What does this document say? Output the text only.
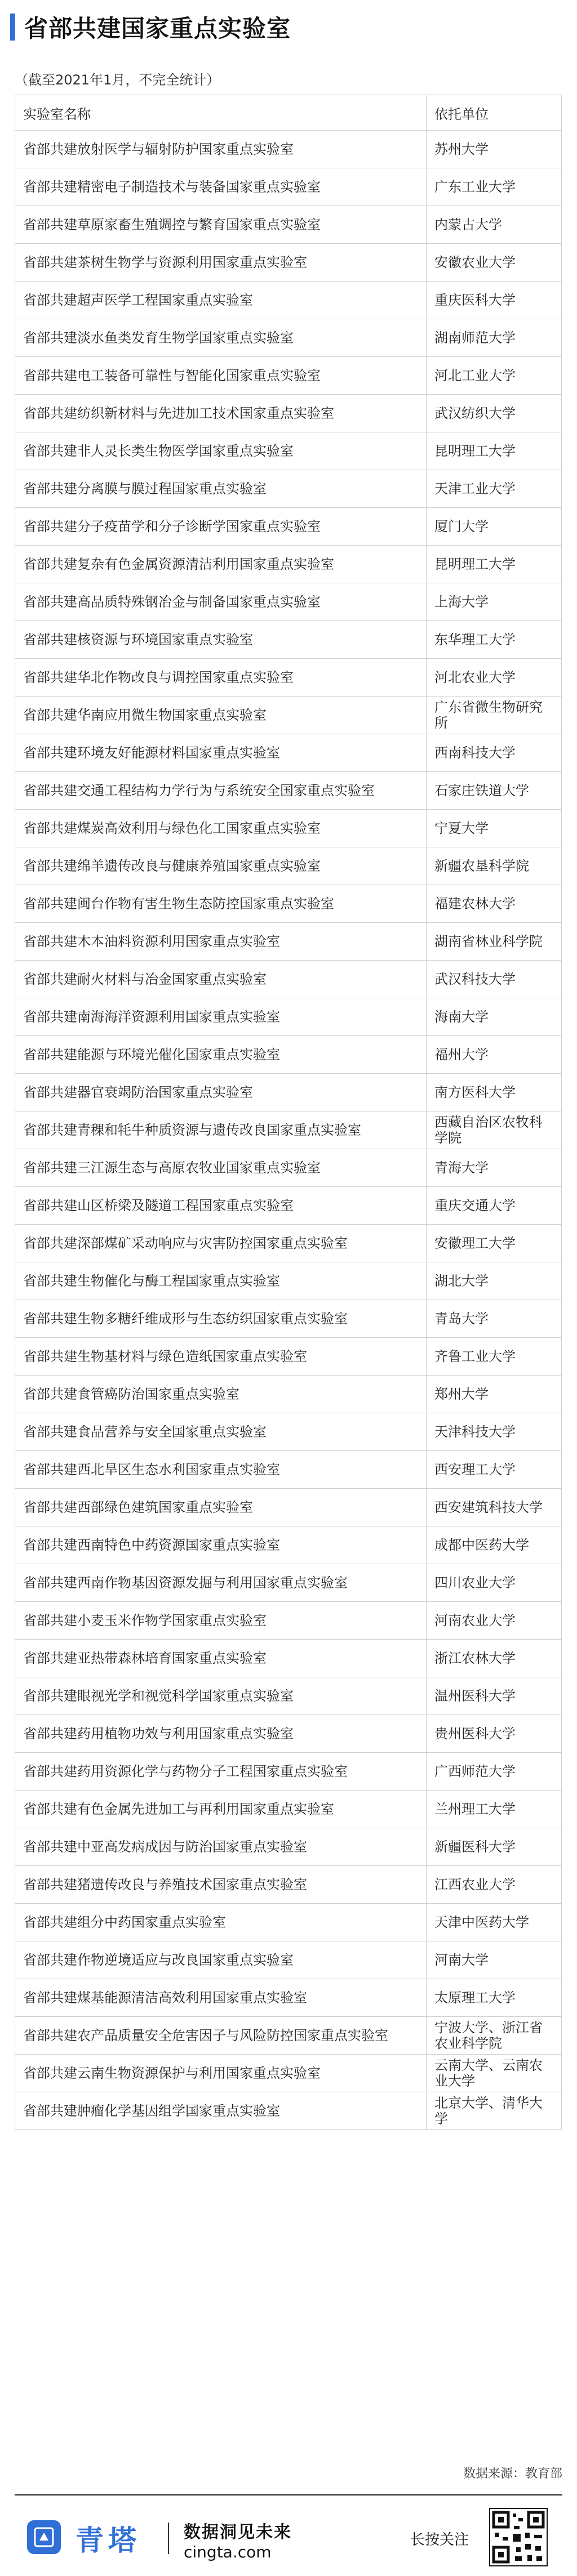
省部共建国家重点实验室
（截至2021年1月，不完全统计）
实验室名称	依托单位
省部共建放射医学与辐射防护国家重点实验室	苏州大学
省部共建精密电子制造技术与装备国家重点实验室	广东工业大学
省部共建草原家畜生殖调控与繁育国家重点实验室	内蒙古大学
省部共建茶树生物学与资源利用国家重点实验室	安徽农业大学
省部共建超声医学工程国家重点实验室	重庆医科大学
省部共建淡水鱼类发育生物学国家重点实验室	湖南师范大学
省部共建电工装备可靠性与智能化国家重点实验室	河北工业大学
省部共建纺织新材料与先进加工技术国家重点实验室	武汉纺织大学
省部共建非人灵长类生物医学国家重点实验室	昆明理工大学
省部共建分离膜与膜过程国家重点实验室	天津工业大学
省部共建分子疫苗学和分子诊断学国家重点实验室	厦门大学
省部共建复杂有色金属资源清洁利用国家重点实验室	昆明理工大学
省部共建高品质特殊钢冶金与制备国家重点实验室	上海大学
省部共建核资源与环境国家重点实验室	东华理工大学
省部共建华北作物改良与调控国家重点实验室	河北农业大学
省部共建华南应用微生物国家重点实验室	广东省微生物研究所
省部共建环境友好能源材料国家重点实验室	西南科技大学
省部共建交通工程结构力学行为与系统安全国家重点实验室	石家庄铁道大学
省部共建煤炭高效利用与绿色化工国家重点实验室	宁夏大学
省部共建绵羊遗传改良与健康养殖国家重点实验室	新疆农垦科学院
省部共建闽台作物有害生物生态防控国家重点实验室	福建农林大学
省部共建木本油料资源利用国家重点实验室	湖南省林业科学院
省部共建耐火材料与冶金国家重点实验室	武汉科技大学
省部共建南海海洋资源利用国家重点实验室	海南大学
省部共建能源与环境光催化国家重点实验室	福州大学
省部共建器官衰竭防治国家重点实验室	南方医科大学
省部共建青稞和牦牛种质资源与遗传改良国家重点实验室	西藏自治区农牧科学院
省部共建三江源生态与高原农牧业国家重点实验室	青海大学
省部共建山区桥梁及隧道工程国家重点实验室	重庆交通大学
省部共建深部煤矿采动响应与灾害防控国家重点实验室	安徽理工大学
省部共建生物催化与酶工程国家重点实验室	湖北大学
省部共建生物多糖纤维成形与生态纺织国家重点实验室	青岛大学
省部共建生物基材料与绿色造纸国家重点实验室	齐鲁工业大学
省部共建食管癌防治国家重点实验室	郑州大学
省部共建食品营养与安全国家重点实验室	天津科技大学
省部共建西北旱区生态水利国家重点实验室	西安理工大学
省部共建西部绿色建筑国家重点实验室	西安建筑科技大学
省部共建西南特色中药资源国家重点实验室	成都中医药大学
省部共建西南作物基因资源发掘与利用国家重点实验室	四川农业大学
省部共建小麦玉米作物学国家重点实验室	河南农业大学
省部共建亚热带森林培育国家重点实验室	浙江农林大学
省部共建眼视光学和视觉科学国家重点实验室	温州医科大学
省部共建药用植物功效与利用国家重点实验室	贵州医科大学
省部共建药用资源化学与药物分子工程国家重点实验室	广西师范大学
省部共建有色金属先进加工与再利用国家重点实验室	兰州理工大学
省部共建中亚高发病成因与防治国家重点实验室	新疆医科大学
省部共建猪遗传改良与养殖技术国家重点实验室	江西农业大学
省部共建组分中药国家重点实验室	天津中医药大学
省部共建作物逆境适应与改良国家重点实验室	河南大学
省部共建煤基能源清洁高效利用国家重点实验室	太原理工大学
省部共建农产品质量安全危害因子与风险防控国家重点实验室	宁波大学、浙江省农业科学院
省部共建云南生物资源保护与利用国家重点实验室	云南大学、云南农业大学
省部共建肿瘤化学基因组学国家重点实验室	北京大学、清华大学
数据来源：教育部
青塔	数据洞见未来
cingta.com
长按关注
